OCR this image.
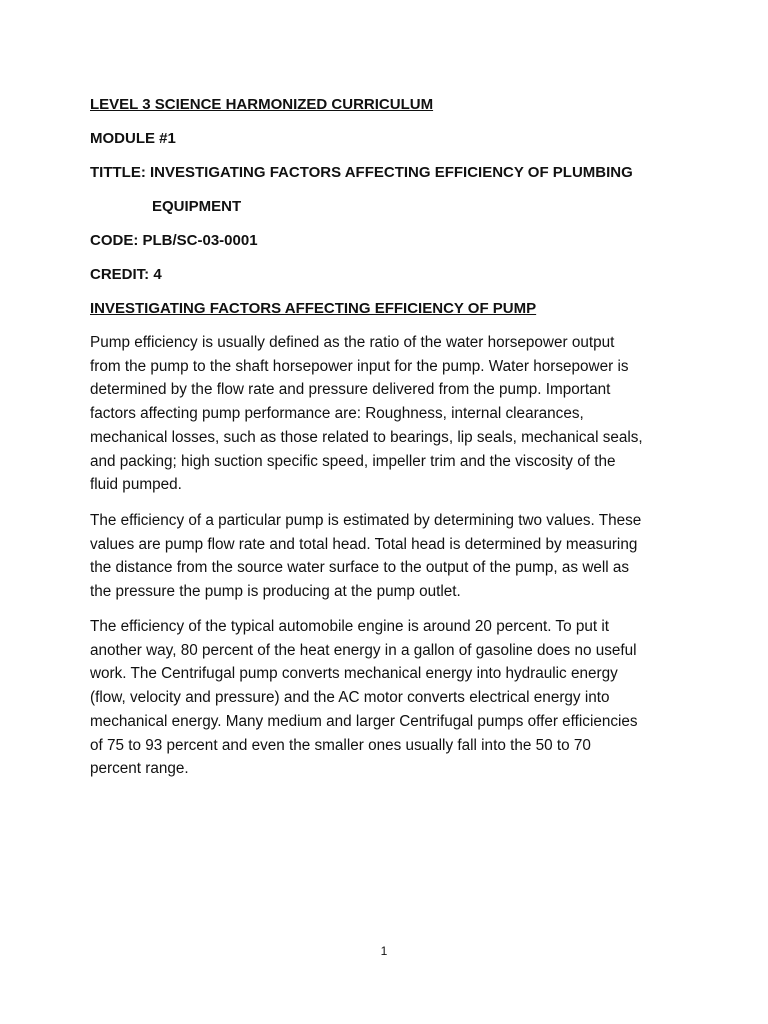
LEVEL 3 SCIENCE HARMONIZED CURRICULUM
MODULE #1
TITTLE: INVESTIGATING FACTORS AFFECTING EFFICIENCY OF PLUMBING
EQUIPMENT
CODE: PLB/SC-03-0001
CREDIT: 4
INVESTIGATING FACTORS AFFECTING EFFICIENCY OF PUMP

Pump efficiency is usually defined as the ratio of the water horsepower output
from the pump to the shaft horsepower input for the pump. Water horsepower is
determined by the flow rate and pressure delivered from the pump. Important
factors affecting pump performance are: Roughness, internal clearances,
mechanical losses, such as those related to bearings, lip seals, mechanical seals,
and packing; high suction specific speed, impeller trim and the viscosity of the
fluid pumped.

The efficiency of a particular pump is estimated by determining two values. These
values are pump flow rate and total head. Total head is determined by measuring
the distance from the source water surface to the output of the pump, as well as
the pressure the pump is producing at the pump outlet.

The efficiency of the typical automobile engine is around 20 percent. To put it
another way, 80 percent of the heat energy in a gallon of gasoline does no useful
work. The Centrifugal pump converts mechanical energy into hydraulic energy
(flow, velocity and pressure) and the AC motor converts electrical energy into
mechanical energy. Many medium and larger Centrifugal pumps offer efficiencies
of 75 to 93 percent and even the smaller ones usually fall into the 50 to 70
percent range.

1
